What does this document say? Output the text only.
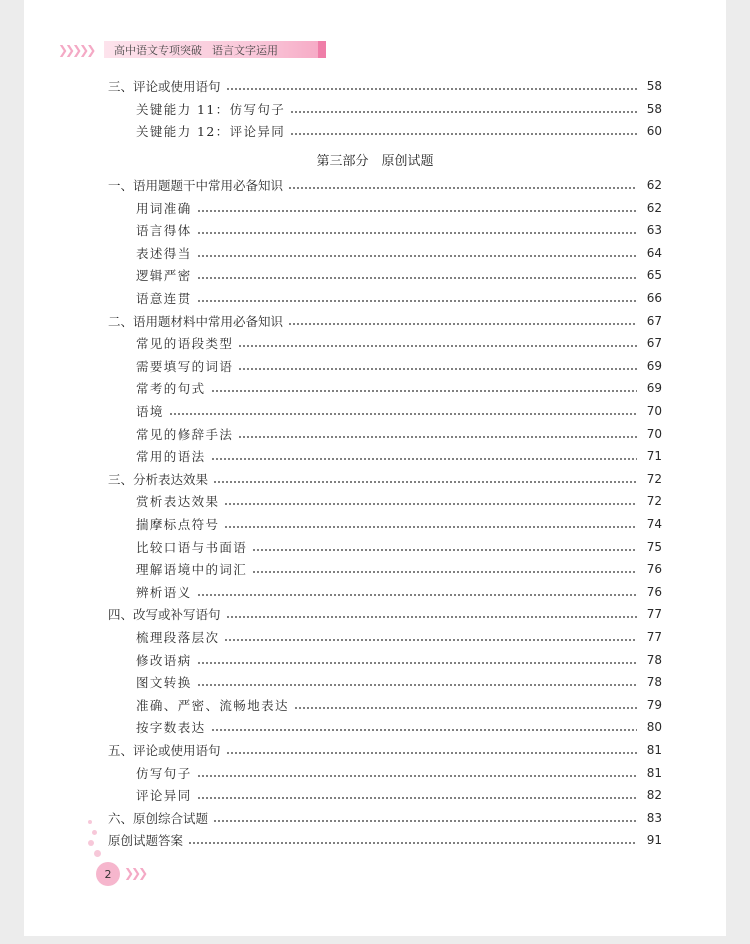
❯❯❯❯❯	高中语文专项突破 语言文字运用
三、评论或使用语句	58
关键能力 11：仿写句子	58
关键能力 12：评论异同	60
第三部分　原创试题
一、语用题题干中常用必备知识	62
用词准确	62
语言得体	63
表述得当	64
逻辑严密	65
语意连贯	66
二、语用题材料中常用必备知识	67
常见的语段类型	67
需要填写的词语	69
常考的句式	69
语境	70
常见的修辞手法	70
常用的语法	71
三、分析表达效果	72
赏析表达效果	72
揣摩标点符号	74
比较口语与书面语	75
理解语境中的词汇	76
辨析语义	76
四、改写或补写语句	77
梳理段落层次	77
修改语病	78
图文转换	78
准确、严密、流畅地表达	79
按字数表达	80
五、评论或使用语句	81
仿写句子	81
评论异同	82
六、原创综合试题	83
原创试题答案	91
2	❯❯❯
